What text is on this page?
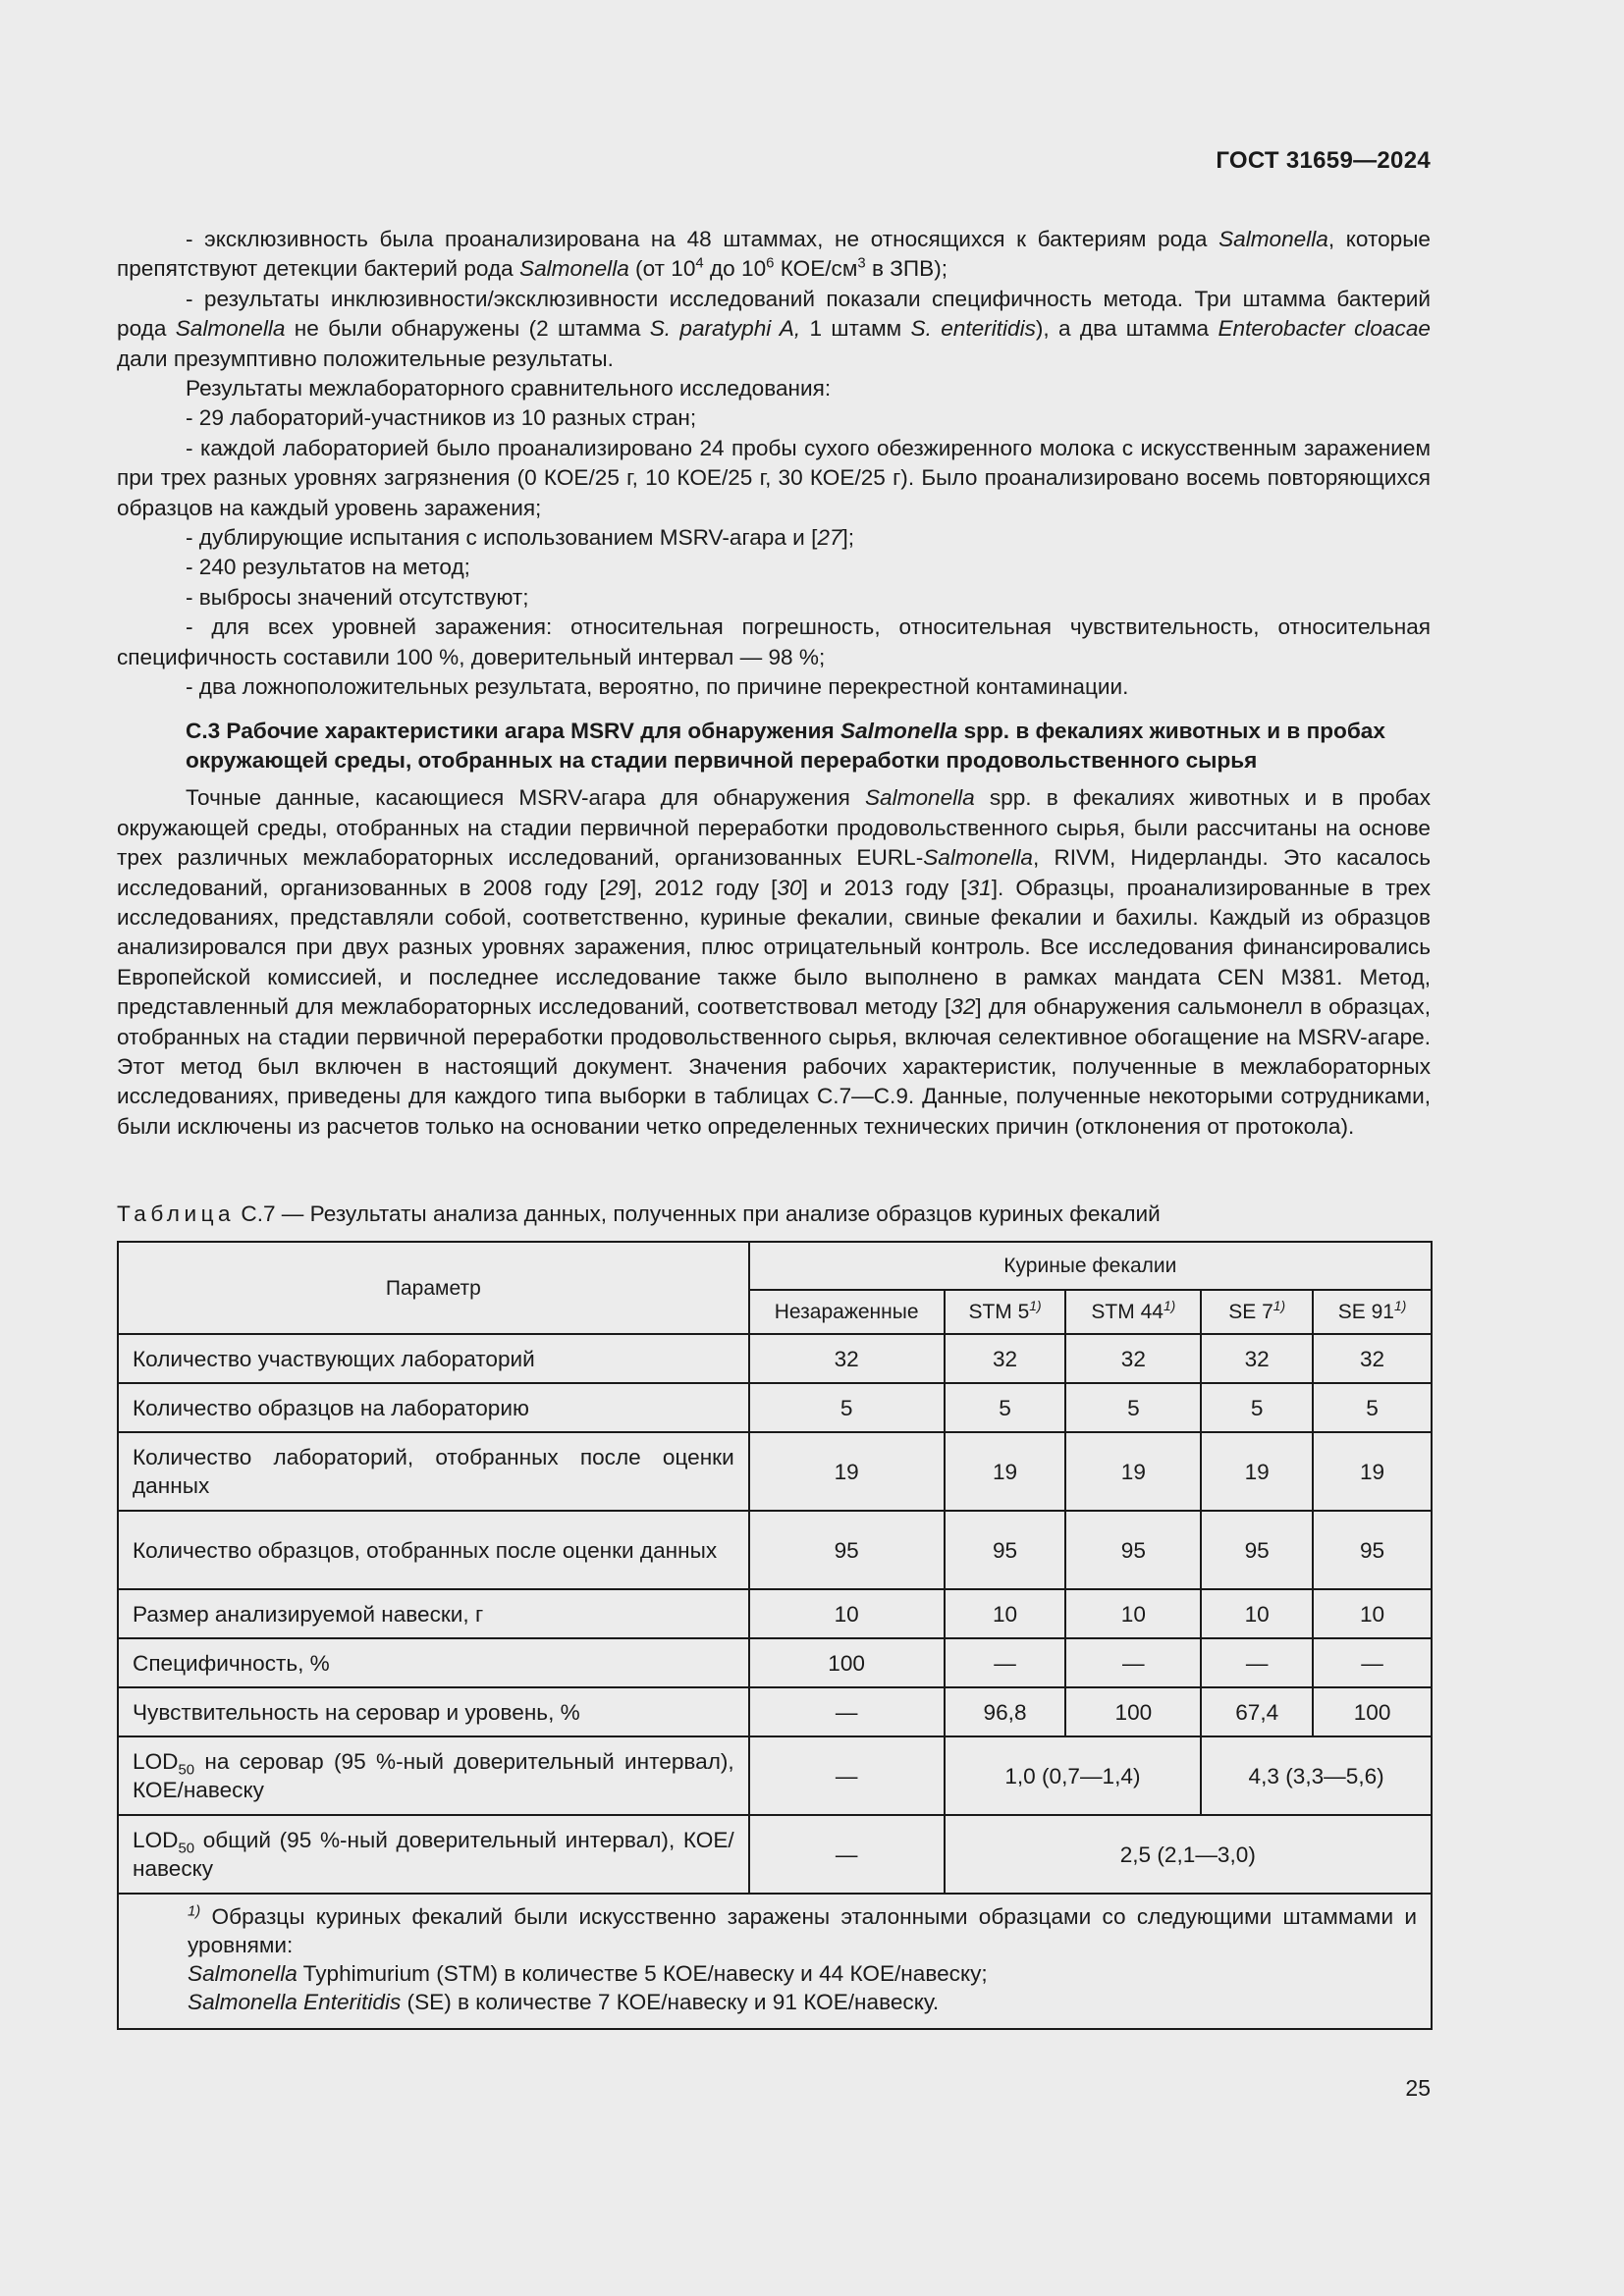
ГОСТ 31659—2024

- эксклюзивность была проанализирована на 48 штаммах, не относящихся к бактериям рода Salmonella, которые препятствуют детекции бактерий рода Salmonella (от $10^4$ до $10^6$ КОЕ/$см^3$ в ЗПВ);

- результаты инклюзивности/эксклюзивности исследований показали специфичность метода. Три штамма бактерий рода Salmonella не были обнаружены (2 штамма S. paratyphi A, 1 штамм S. enteritidis), а два штамма Enterobacter cloacae дали презумптивно положительные результаты.

Результаты межлабораторного сравнительного исследования:

- 29 лабораторий-участников из 10 разных стран;

- каждой лабораторией было проанализировано 24 пробы сухого обезжиренного молока с искусственным заражением при трех разных уровнях загрязнения (0 КОЕ/25 г, 10 КОЕ/25 г, 30 КОЕ/25 г). Было проанализировано восемь повторяющихся образцов на каждый уровень заражения;

- дублирующие испытания с использованием MSRV-агара и [27];

- 240 результатов на метод;

- выбросы значений отсутствуют;

- для всех уровней заражения: относительная погрешность, относительная чувствительность, относительная специфичность составили 100 %, доверительный интервал — 98 %;

- два ложноположительных результата, вероятно, по причине перекрестной контаминации.

С.3 Рабочие характеристики агара MSRV для обнаружения Salmonella spp. в фекалиях животных и в пробах окружающей среды, отобранных на стадии первичной переработки продовольственного сырья

Точные данные, касающиеся MSRV-агара для обнаружения Salmonella spp. в фекалиях животных и в пробах окружающей среды, отобранных на стадии первичной переработки продовольственного сырья, были рассчитаны на основе трех различных межлабораторных исследований, организованных EURL-Salmonella, RIVM, Нидерланды. Это касалось исследований, организованных в 2008 году [29], 2012 году [30] и 2013 году [31]. Образцы, проанализированные в трех исследованиях, представляли собой, соответственно, куриные фекалии, свиные фекалии и бахилы. Каждый из образцов анализировался при двух разных уровнях заражения, плюс отрицательный контроль. Все исследования финансировались Европейской комиссией, и последнее исследование также было выполнено в рамках мандата CEN M381. Метод, представленный для межлабораторных исследований, соответствовал методу [32] для обнаружения сальмонелл в образцах, отобранных на стадии первичной переработки продовольственного сырья, включая селективное обогащение на MSRV-агаре. Этот метод был включен в настоящий документ. Значения рабочих характеристик, полученные в межлабораторных исследованиях, приведены для каждого типа выборки в таблицах С.7—С.9. Данные, полученные некоторыми сотрудниками, были исключены из расчетов только на основании четко определенных технических причин (отклонения от протокола).

Таблица С.7 — Результаты анализа данных, полученных при анализе образцов куриных фекалий
Параметр	Куриные фекалии				
	Незараженные	STM 5$^{1)}$	STM 44$^{1)}$	SE 7$^{1)}$	SE 91$^{1)}$
Количество участвующих лабораторий	32	32	32	32	32
Количество образцов на лабораторию	5	5	5	5	5
Количество лабораторий, отобранных после оценки данных	19	19	19	19	19
Количество образцов, отобранных после оценки данных	95	95	95	95	95
Размер анализируемой навески, г	10	10	10	10	10
Специфичность, %	100	—	—	—	—
Чувствительность на серовар и уровень, %	—	96,8	100	67,4	100
$LOD_{50}$ на серовар (95 %-ный доверительный интервал), КОЕ/навеску	—	1,0 (0,7—1,4)		4,3 (3,3—5,6)	
$LOD_{50}$ общий (95 %-ный доверительный интервал), КОЕ/навеску	—	2,5 (2,1—3,0)			

$^{1)}$ Образцы куриных фекалий были искусственно заражены эталонными образцами со следующими штаммами и уровнями:

Salmonella Typhimurium (STM) в количестве 5 КОЕ/навеску и 44 КОЕ/навеску;

Salmonella Enteritidis (SE) в количестве 7 КОЕ/навеску и 91 КОЕ/навеску.					

25
